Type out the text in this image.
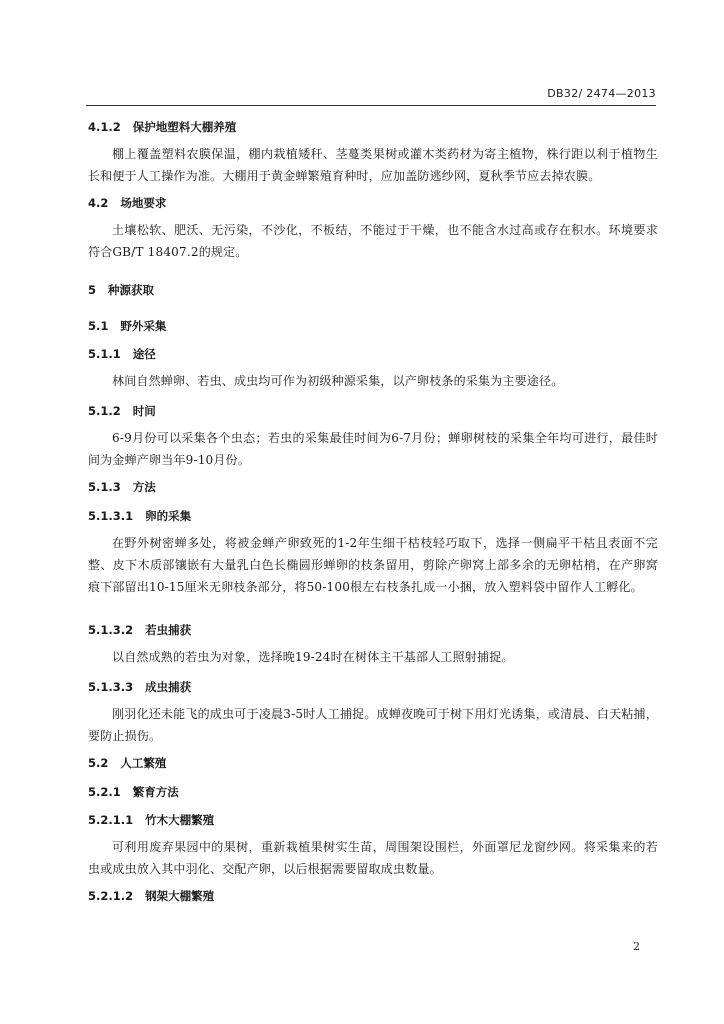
DB32/ 2474—2013
4.1.2 保护地塑料大棚养殖
棚上覆盖塑料农膜保温，棚内栽植矮秆、茎蔓类果树或灌木类药材为寄主植物，株行距以利于植物生长和便于人工操作为准。大棚用于黄金蝉繁殖育种时，应加盖防逃纱网，夏秋季节应去掉农膜。
4.2 场地要求
土壤松软、肥沃、无污染，不沙化，不板结，不能过于干燥，也不能含水过高或存在积水。环境要求符合GB/T 18407.2的规定。
5 种源获取
5.1 野外采集
5.1.1 途径
林间自然蝉卵、若虫、成虫均可作为初级种源采集，以产卵枝条的采集为主要途径。
5.1.2 时间
6-9月份可以采集各个虫态；若虫的采集最佳时间为6-7月份；蝉卵树枝的采集全年均可进行，最佳时间为金蝉产卵当年9-10月份。
5.1.3 方法
5.1.3.1 卵的采集
在野外树密蝉多处，将被金蝉产卵致死的1-2年生细干枯枝轻巧取下，选择一侧扁平干枯且表面不完整、皮下木质部镶嵌有大量乳白色长椭圆形蝉卵的枝条留用，剪除产卵窝上部多余的无卵枯梢，在产卵窝痕下部留出10-15厘米无卵枝条部分，将50-100根左右枝条扎成一小捆，放入塑料袋中留作人工孵化。
5.1.3.2 若虫捕获
以自然成熟的若虫为对象，选择晚19-24时在树体主干基部人工照射捕捉。
5.1.3.3 成虫捕获
刚羽化还未能飞的成虫可于凌晨3-5时人工捕捉。成蝉夜晚可于树下用灯光诱集，或清晨、白天粘捕，要防止损伤。
5.2 人工繁殖
5.2.1 繁育方法
5.2.1.1 竹木大棚繁殖
可利用废弃果园中的果树，重新栽植果树实生苗，周围架设围栏，外面罩尼龙窗纱网。将采集来的若虫或成虫放入其中羽化、交配产卵，以后根据需要留取成虫数量。
5.2.1.2 钢架大棚繁殖
2
